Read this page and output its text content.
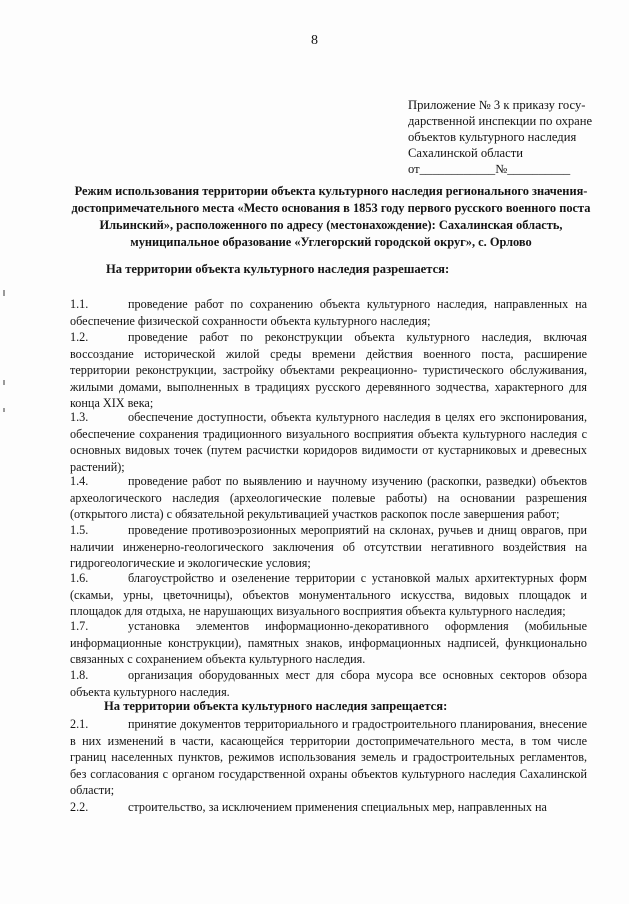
8
Приложение № 3 к приказу госу-
дарственной инспекции по охране
объектов культурного наследия
Сахалинской области
от____________№__________
Режим использования территории объекта культурного наследия регионального значения-достопримечательного места «Место основания в 1853 году первого русского военного поста Ильинский», расположенного по адресу (местонахождение): Сахалинская область, муниципальное образование «Углегорский городской округ», с. Орлово
На территории объекта культурного наследия разрешается:
1.1.	проведение работ по сохранению объекта культурного наследия, направленных на обеспечение физической сохранности объекта культурного наследия;
1.2.	проведение работ по реконструкции объекта культурного наследия, включая воссоздание исторической жилой среды времени действия военного поста, расширение территории реконструкции, застройку объектами рекреационно- туристического обслуживания, жилыми домами, выполненных в традициях русского деревянного зодчества, характерного для конца XIX века;
1.3.	обеспечение доступности, объекта культурного наследия в целях его экспонирования, обеспечение сохранения традиционного визуального восприятия объекта культурного наследия с основных видовых точек (путем расчистки коридоров видимости от кустарниковых и древесных растений);
1.4.	проведение работ по выявлению и научному изучению (раскопки, разведки) объектов археологического наследия (археологические полевые работы) на основании разрешения (открытого листа) с обязательной рекультивацией участков раскопок после завершения работ;
1.5.	проведение противоэрозионных мероприятий на склонах, ручьев и днищ оврагов, при наличии инженерно-геологического заключения об отсутствии негативного воздействия на гидрогеологические и экологические условия;
1.6.	благоустройство и озеленение территории с установкой малых архитектурных форм (скамьи, урны, цветочницы), объектов монументального искусства, видовых площадок и площадок для отдыха, не нарушающих визуального восприятия объекта культурного наследия;
1.7.	установка элементов информационно-декоративного оформления (мобильные информационные конструкции), памятных знаков, информационных надписей, функционально связанных с сохранением объекта культурного наследия.
1.8.	организация оборудованных мест для сбора мусора все основных секторов обзора объекта культурного наследия.
На территории объекта культурного наследия запрещается:
2.1.	принятие документов территориального и градостроительного планирования, внесение в них изменений в части, касающейся территории достопримечательного места, в том числе границ населенных пунктов, режимов использования земель и градостроительных регламентов, без согласования с органом государственной охраны объектов культурного наследия Сахалинской области;
2.2.	строительство, за исключением применения специальных мер, направленных на
